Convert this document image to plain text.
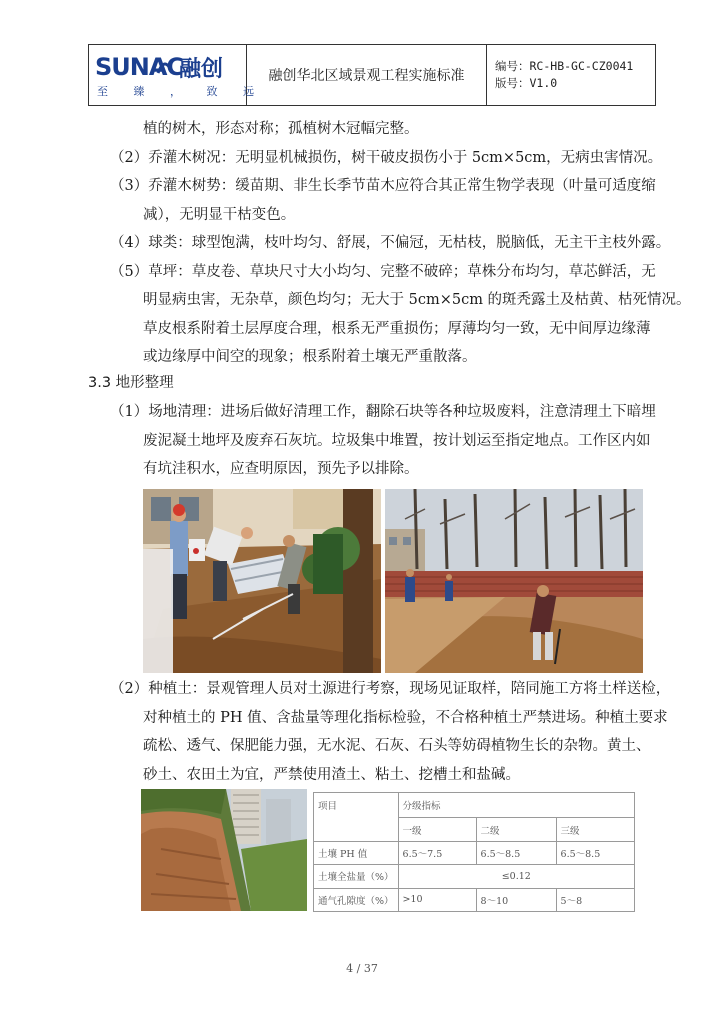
SUNAC
融创
至 臻 ， 致 远
融创华北区域景观工程实施标准
编号：RC-HB-GC-CZ0041
版号：V1.0
植的树木，形态对称；孤植树木冠幅完整。
（2）乔灌木树况：无明显机械损伤，树干破皮损伤小于 5cm×5cm，无病虫害情况。
（3）乔灌木树势：缓苗期、非生长季节苗木应符合其正常生物学表现（叶量可适度缩
减），无明显干枯变色。
（4）球类：球型饱满，枝叶均匀、舒展，不偏冠，无枯枝，脱脑低，无主干主枝外露。
（5）草坪：草皮卷、草块尺寸大小均匀、完整不破碎；草株分布均匀，草芯鲜活，无
明显病虫害，无杂草，颜色均匀；无大于 5cm×5cm 的斑秃露土及枯黄、枯死情况。
草皮根系附着土层厚度合理，根系无严重损伤；厚薄均匀一致，无中间厚边缘薄
或边缘厚中间空的现象；根系附着土壤无严重散落。
3.3 地形整理
（1）场地清理：进场后做好清理工作，翻除石块等各种垃圾废料，注意清理土下暗埋
废泥凝土地坪及废弃石灰坑。垃圾集中堆置，按计划运至指定地点。工作区内如
有坑洼积水，应查明原因，预先予以排除。
（2）种植土：景观管理人员对土源进行考察，现场见证取样，陪同施工方将土样送检，
对种植土的 PH 值、含盐量等理化指标检验，不合格种植土严禁进场。种植土要求
疏松、透气、保肥能力强，无水泥、石灰、石头等妨碍植物生长的杂物。黄土、
砂土、农田土为宜，严禁使用渣土、粘土、挖槽土和盐碱。
项目	分级指标		
	一级	二级	三级
土壤 PH 值	6.5～7.5	6.5～8.5	6.5～8.5
土壤全盐量（%）	≤0.12		
通气孔隙度（%）	>10	8～10	5～8
4 / 37
